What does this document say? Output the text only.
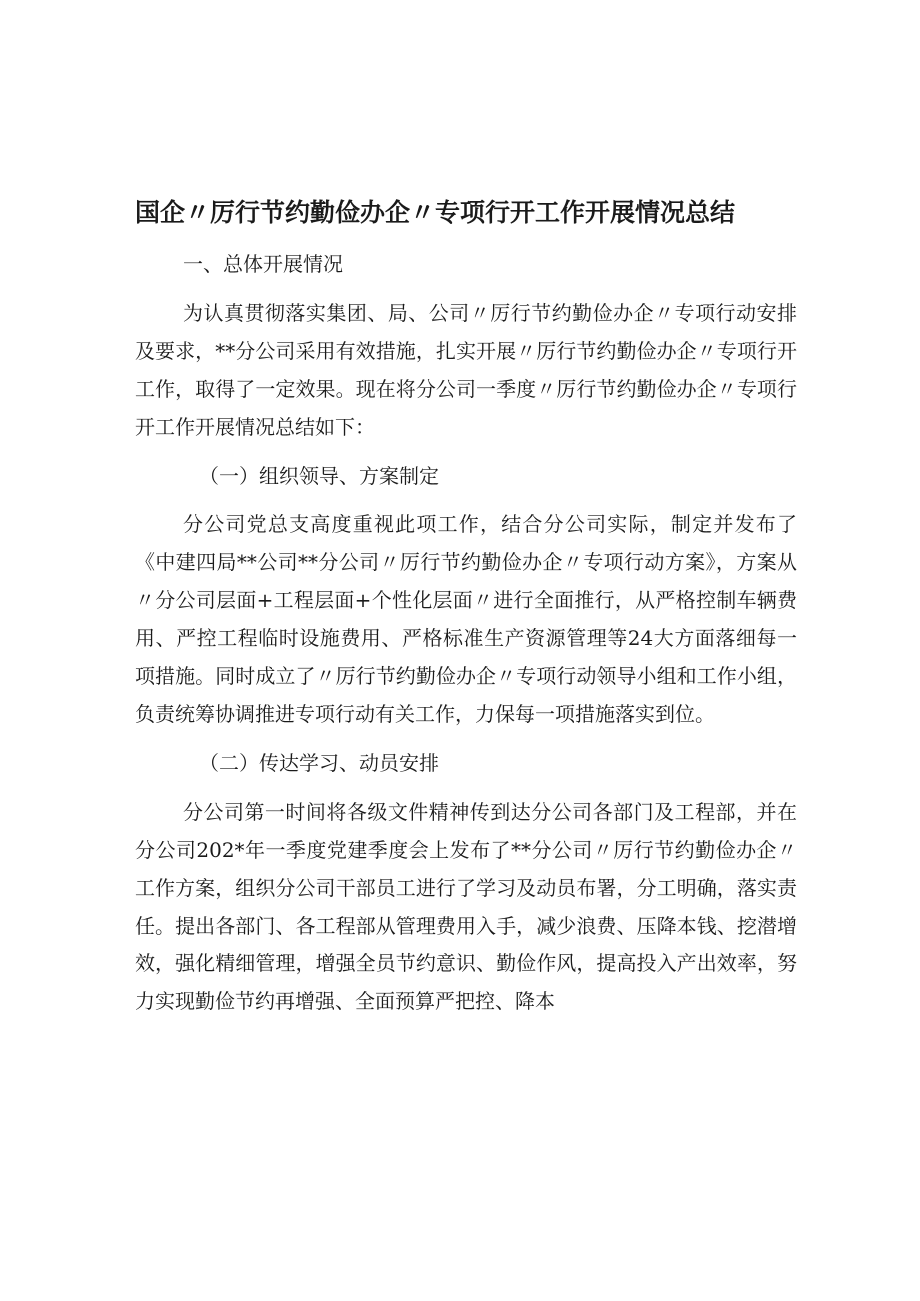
国企〃厉行节约勤俭办企〃专项行开工作开展情况总结

一、总体开展情况

为认真贯彻落实集团、局、公司〃厉行节约勤俭办企〃专项行动安排及要求，**分公司采用有效措施，扎实开展〃厉行节约勤俭办企〃专项行开工作，取得了一定效果。现在将分公司一季度〃厉行节约勤俭办企〃专项行开工作开展情况总结如下：

（一）组织领导、方案制定

分公司党总支高度重视此项工作，结合分公司实际，制定并发布了《中建四局**公司**分公司〃厉行节约勤俭办企〃专项行动方案》，方案从〃分公司层面+工程层面+个性化层面〃进行全面推行，从严格控制车辆费用、严控工程临时设施费用、严格标准生产资源管理等24大方面落细每一项措施。同时成立了〃厉行节约勤俭办企〃专项行动领导小组和工作小组，负责统筹协调推进专项行动有关工作，力保每一项措施落实到位。

（二）传达学习、动员安排

分公司第一时间将各级文件精神传到达分公司各部门及工程部，并在分公司202*年一季度党建季度会上发布了**分公司〃厉行节约勤俭办企〃工作方案，组织分公司干部员工进行了学习及动员布署，分工明确，落实责任。提出各部门、各工程部从管理费用入手，减少浪费、压降本钱、挖潜增效，强化精细管理，增强全员节约意识、勤俭作风，提高投入产出效率，努力实现勤俭节约再增强、全面预算严把控、降本
